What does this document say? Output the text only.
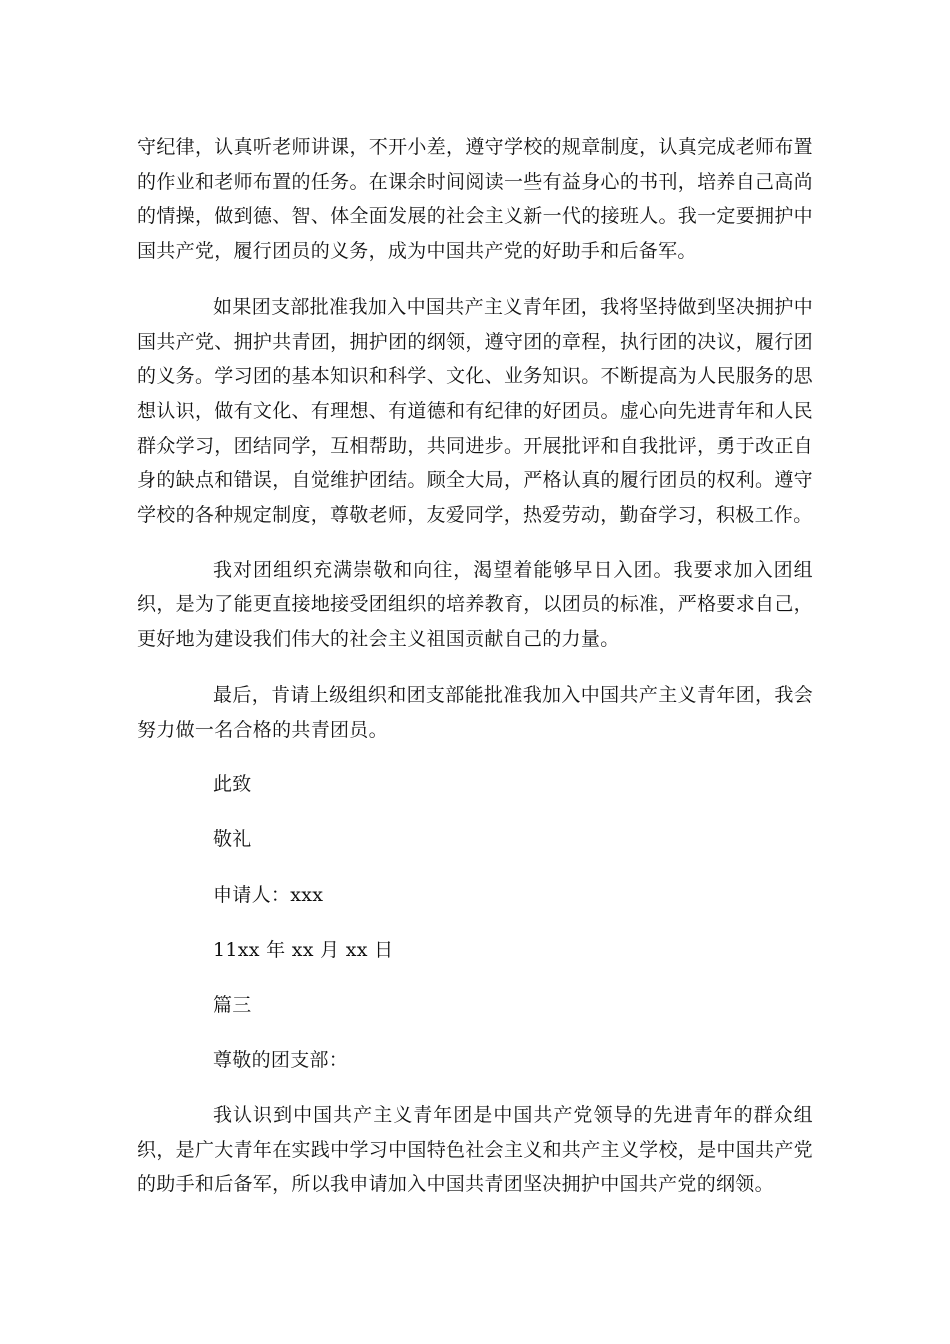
守纪律，认真听老师讲课，不开小差，遵守学校的规章制度，认真完成老师布置的作业和老师布置的任务。在课余时间阅读一些有益身心的书刊，培养自己高尚的情操，做到德、智、体全面发展的社会主义新一代的接班人。我一定要拥护中国共产党，履行团员的义务，成为中国共产党的好助手和后备军。

如果团支部批准我加入中国共产主义青年团，我将坚持做到坚决拥护中国共产党、拥护共青团，拥护团的纲领，遵守团的章程，执行团的决议，履行团的义务。学习团的基本知识和科学、文化、业务知识。不断提高为人民服务的思想认识，做有文化、有理想、有道德和有纪律的好团员。虚心向先进青年和人民群众学习，团结同学，互相帮助，共同进步。开展批评和自我批评，勇于改正自身的缺点和错误，自觉维护团结。顾全大局，严格认真的履行团员的权利。遵守学校的各种规定制度，尊敬老师，友爱同学，热爱劳动，勤奋学习，积极工作。

我对团组织充满崇敬和向往，渴望着能够早日入团。我要求加入团组织，是为了能更直接地接受团组织的培养教育，以团员的标准，严格要求自己，更好地为建设我们伟大的社会主义祖国贡献自己的力量。

最后，肯请上级组织和团支部能批准我加入中国共产主义青年团，我会努力做一名合格的共青团员。

此致

敬礼

申请人：xxx

11xx 年 xx 月 xx 日

篇三

尊敬的团支部：

我认识到中国共产主义青年团是中国共产党领导的先进青年的群众组织，是广大青年在实践中学习中国特色社会主义和共产主义学校，是中国共产党的助手和后备军，所以我申请加入中国共青团坚决拥护中国共产党的纲领。
